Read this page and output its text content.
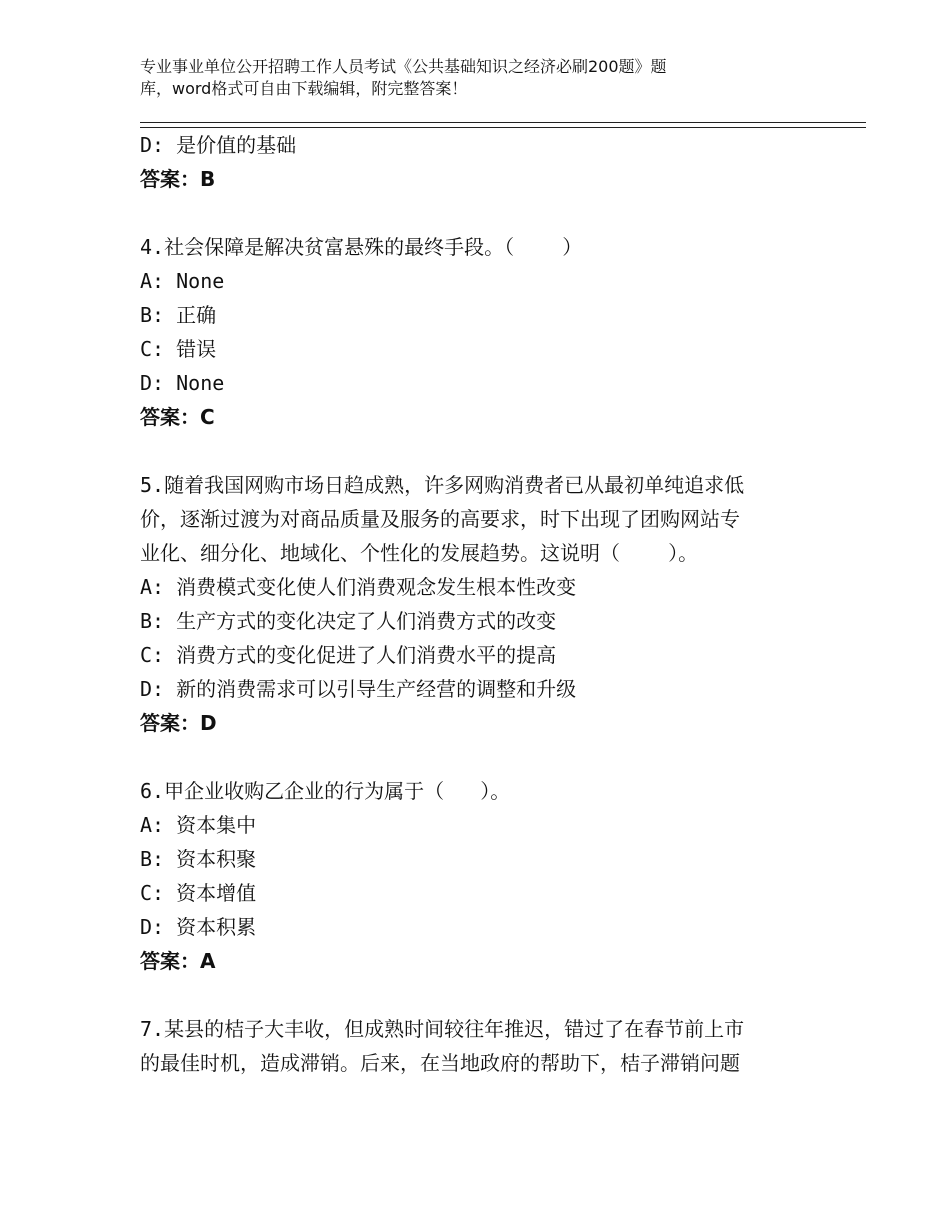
专业事业单位公开招聘工作人员考试《公共基础知识之经济必刷200题》题
库，word格式可自由下载编辑，附完整答案！
D: 是价值的基础
答案：B
4.社会保障是解决贫富悬殊的最终手段。（    ）
A: None
B: 正确
C: 错误
D: None
答案：C
5.随着我国网购市场日趋成熟，许多网购消费者已从最初单纯追求低
价，逐渐过渡为对商品质量及服务的高要求，时下出现了团购网站专
业化、细分化、地域化、个性化的发展趋势。这说明（    ）。
A: 消费模式变化使人们消费观念发生根本性改变
B: 生产方式的变化决定了人们消费方式的改变
C: 消费方式的变化促进了人们消费水平的提高
D: 新的消费需求可以引导生产经营的调整和升级
答案：D
6.甲企业收购乙企业的行为属于（   ）。
A: 资本集中
B: 资本积聚
C: 资本增值
D: 资本积累
答案：A
7.某县的桔子大丰收，但成熟时间较往年推迟，错过了在春节前上市
的最佳时机，造成滞销。后来，在当地政府的帮助下，桔子滞销问题
